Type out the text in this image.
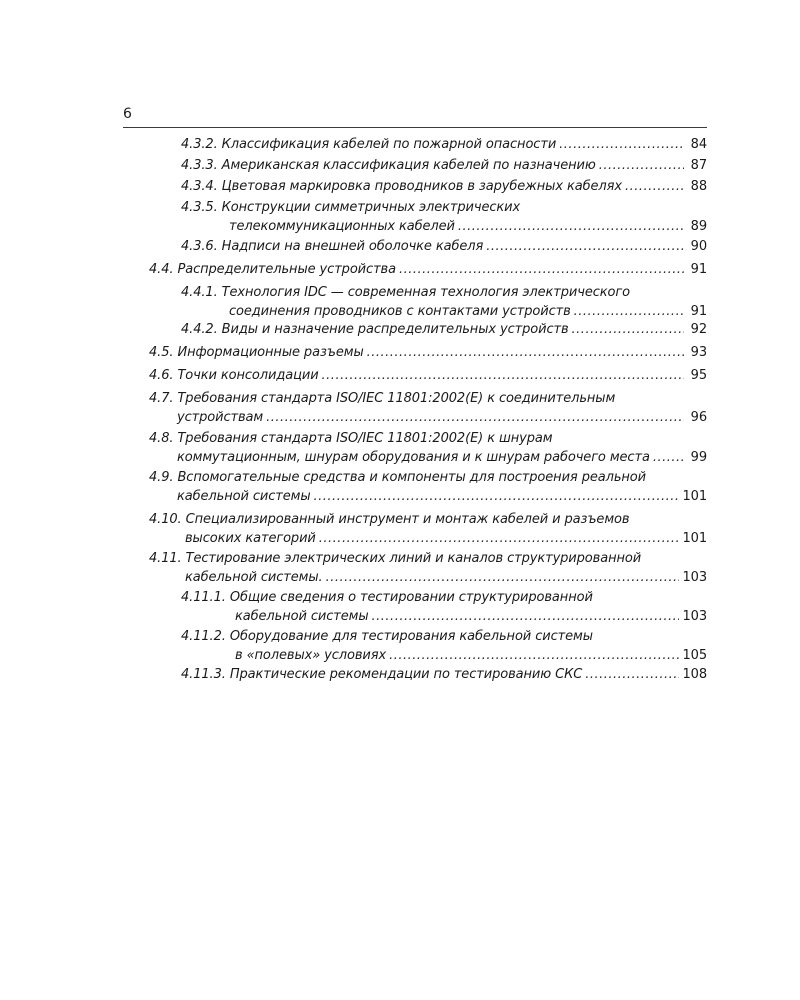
6
4.3.2.
Классификация кабелей по пожарной опасности .....	84
4.3.3.
Американская классификация кабелей по назначению .....	87
4.3.4.
Цветовая маркировка проводников в зарубежных кабелях .....	88
4.3.5.
Конструкции симметричных электрических
телекоммуникационных кабелей .....	89
4.3.6.
Надписи на внешней оболочке кабеля .....	90
4.4.
Распределительные устройства .....	91
4.4.1.
Технология IDC — современная технология электрического
соединения проводников с контактами устройств .....	91
4.4.2.
Виды и назначение распределительных устройств .....	92
4.5.
Информационные разъемы .....	93
4.6.
Точки консолидации .....	95
4.7.
Требования стандарта ISO/IEC 11801:2002(E) к соединительным
устройствам .....	96
4.8.
Требования стандарта ISO/IEC 11801:2002(E) к шнурам
коммутационным, шнурам оборудования и к шнурам рабочего места .....	99
4.9.
Вспомогательные средства и компоненты для построения реальной
кабельной системы .....	101
4.10.
Специализированный инструмент и монтаж кабелей и разъемов
высоких категорий .....	101
4.11.
Тестирование электрических линий и каналов структурированной
кабельной системы. .....	103
4.11.1.
Общие сведения о тестировании структурированной
кабельной системы .....	103
4.11.2.
Оборудование для тестирования кабельной системы
в «полевых» условиях .....	105
4.11.3.
Практические рекомендации по тестированию СКС .....	108
